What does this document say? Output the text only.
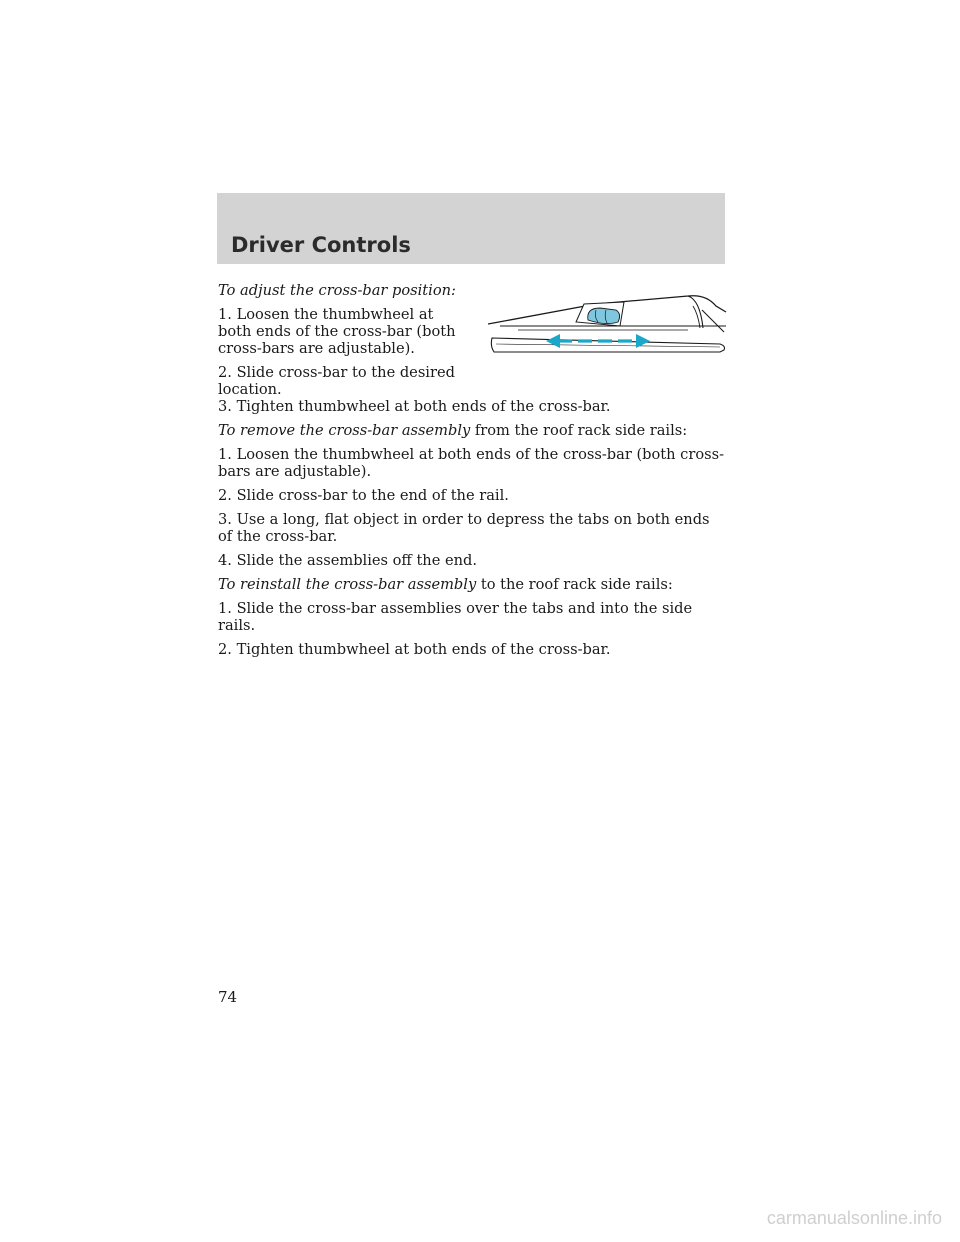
Driver Controls

To adjust the cross-bar position:

1. Loosen the thumbwheel at both ends of the cross-bar (both cross-bars are adjustable).

2. Slide cross-bar to the desired location.

3. Tighten thumbwheel at both ends of the cross-bar.

To remove the cross-bar assembly from the roof rack side rails:

1. Loosen the thumbwheel at both ends of the cross-bar (both cross-bars are adjustable).

2. Slide cross-bar to the end of the rail.

3. Use a long, flat object in order to depress the tabs on both ends of the cross-bar.

4. Slide the assemblies off the end.

To reinstall the cross-bar assembly to the roof rack side rails:

1. Slide the cross-bar assemblies over the tabs and into the side rails.

2. Tighten thumbwheel at both ends of the cross-bar.

74
carmanualsonline.info
